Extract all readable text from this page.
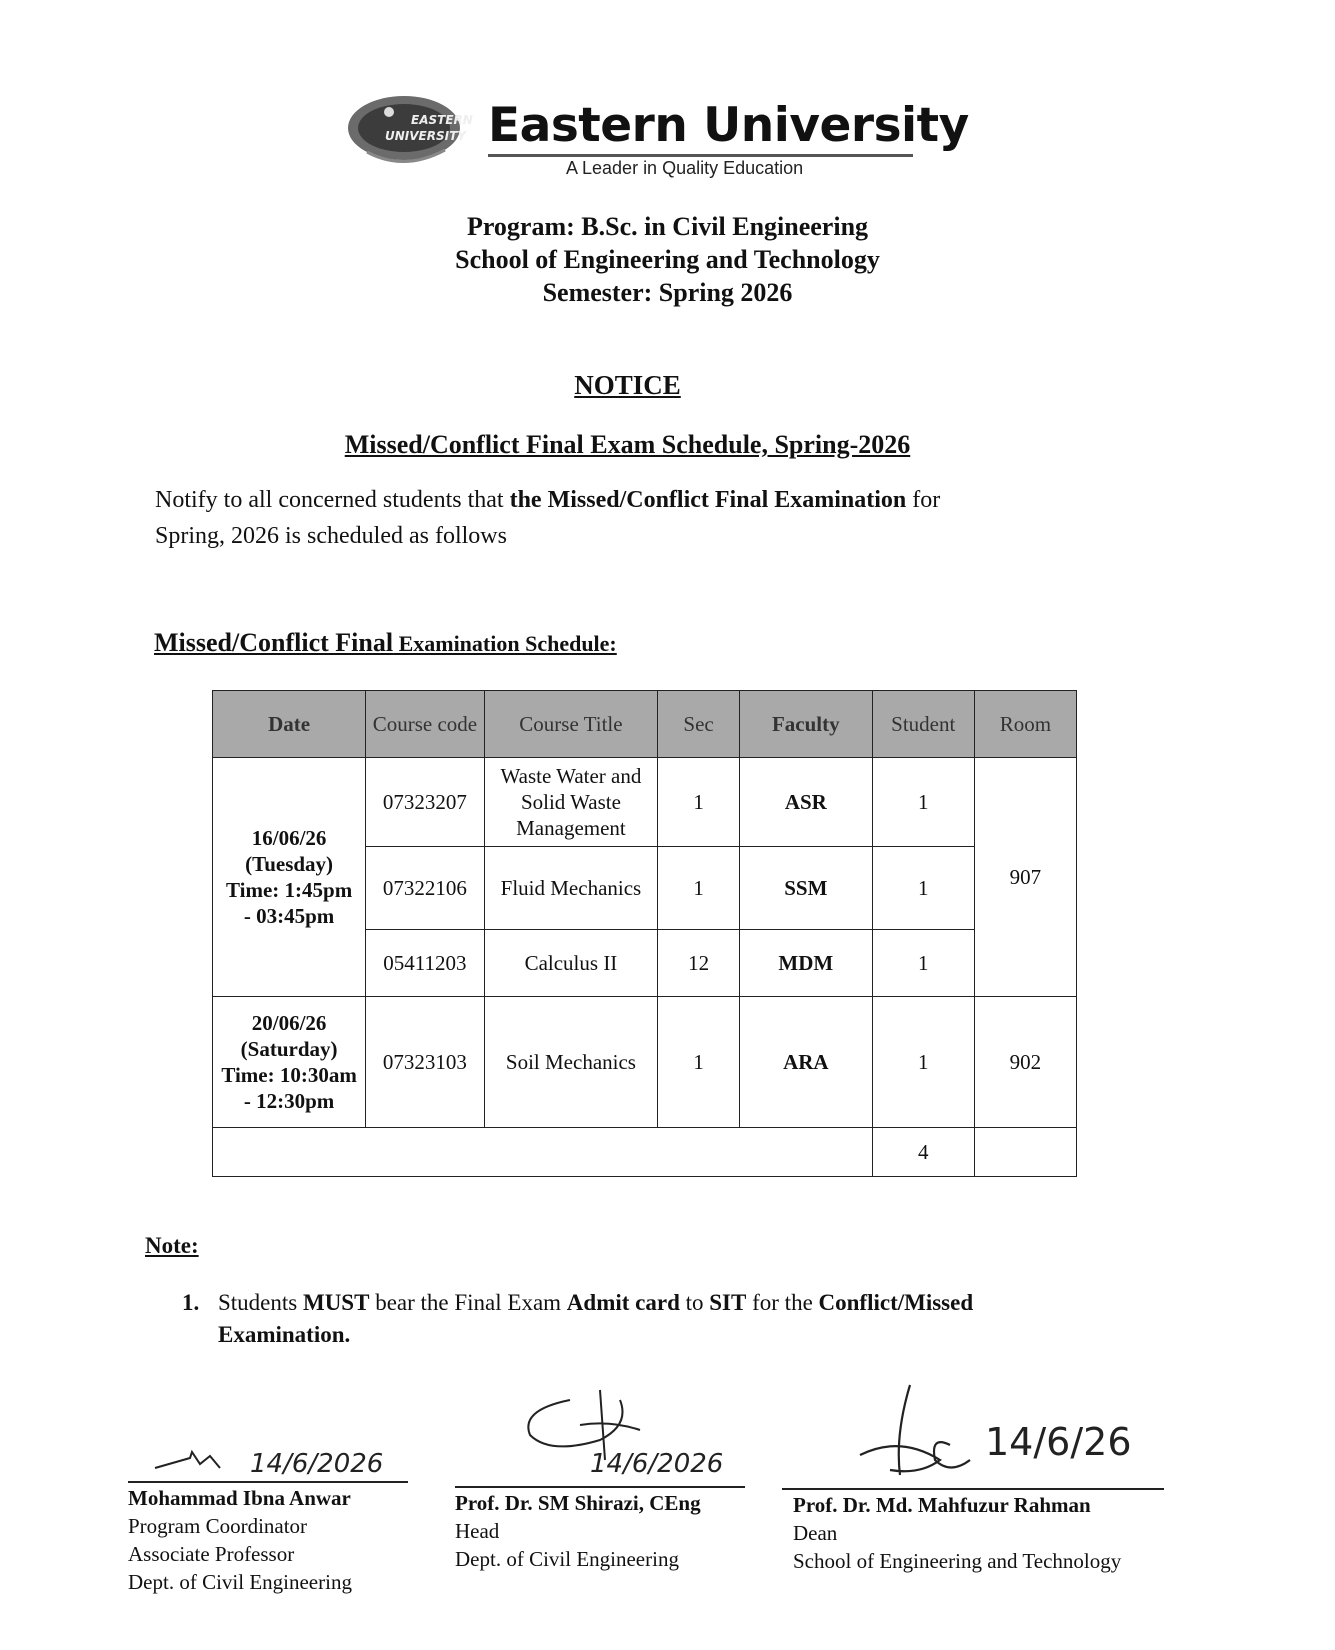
EASTERN
UNIVERSITY Eastern University
A Leader in Quality Education
Program: B.Sc. in Civil Engineering
School of Engineering and Technology
Semester: Spring 2026
NOTICE
Missed/Conflict Final Exam Schedule, Spring-2026
Notify to all concerned students that the Missed/Conflict Final Examination for
Spring, 2026 is scheduled as follows
Missed/Conflict Final Examination Schedule:
Date	Course code	Course Title	Sec	Faculty	Student	Room

16/06/26
(Tuesday)
Time: 1:45pm
- 03:45pm	07323207	Waste Water and Solid Waste Management	1	ASR	1	907
	07322106	Fluid Mechanics	1	SSM	1	
	05411203	Calculus II	12	MDM	1	

20/06/26
(Saturday)
Time: 10:30am
- 12:30pm	07323103	Soil Mechanics	1	ARA	1	902
					4	
Note:
1. Students MUST bear the Final Exam Admit card to SIT for the Conflict/Missed Examination.
14/6/2026
Mohammad Ibna Anwar
Program Coordinator
Associate Professor
Dept. of Civil Engineering
14/6/2026
Prof. Dr. SM Shirazi, CEng
Head
Dept. of Civil Engineering
14/6/26
Prof. Dr. Md. Mahfuzur Rahman
Dean
School of Engineering and Technology
